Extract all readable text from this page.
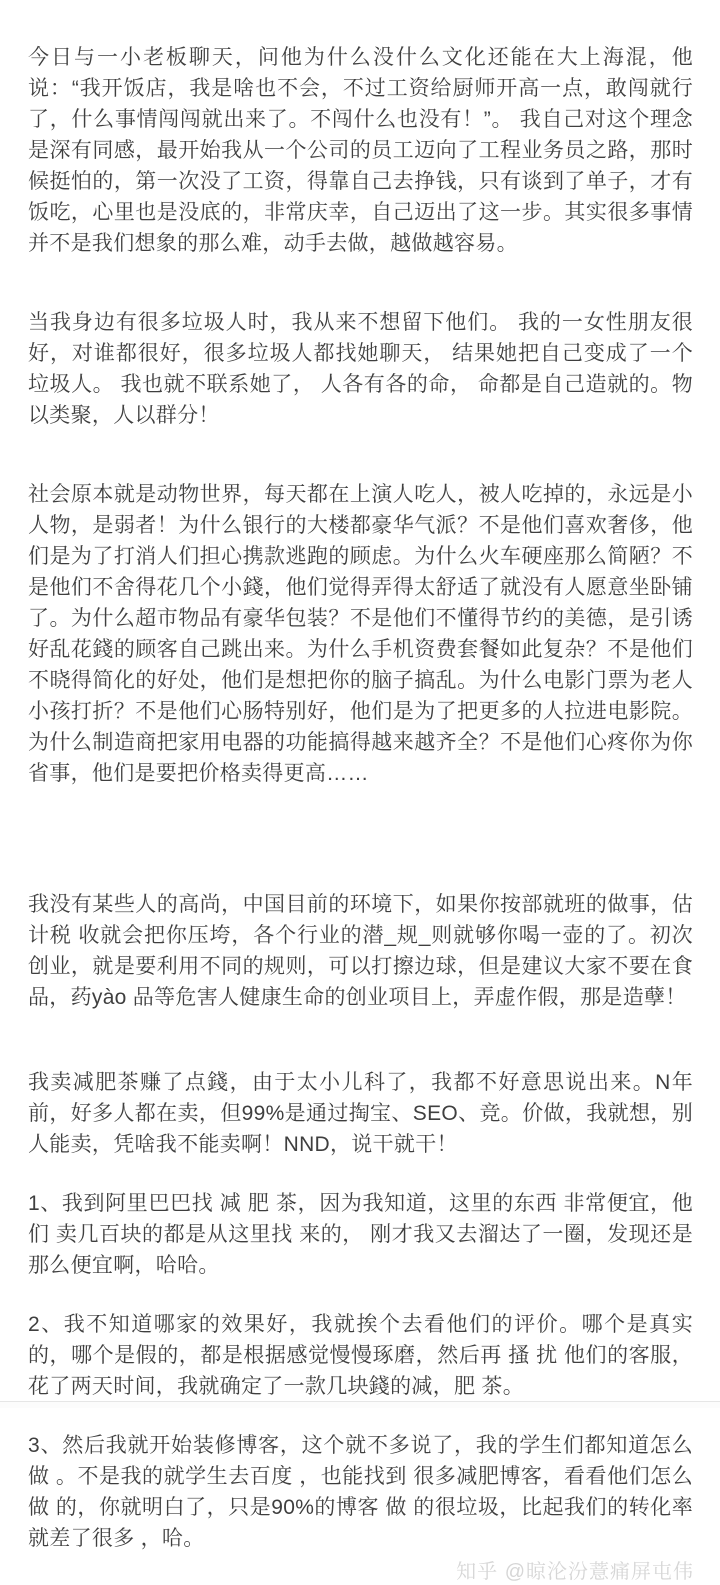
今日与一小老板聊天，问他为什么没什么文化还能在大上海混，他说：“我开饭店，我是啥也不会，不过工资给厨师开高一点，敢闯就行了，什么事情闯闯就出来了。不闯什么也没有！”。 我自己对这个理念是深有同感，最开始我从一个公司的员工迈向了工程业务员之路，那时候挺怕的，第一次没了工资，得靠自己去挣钱，只有谈到了单子，才有饭吃，心里也是没底的，非常庆幸，自己迈出了这一步。其实很多事情并不是我们想象的那么难，动手去做，越做越容易。

当我身边有很多垃圾人时，我从来不想留下他们。 我的一女性朋友很好，对谁都很好，很多垃圾人都找她聊天， 结果她把自己变成了一个垃圾人。 我也就不联系她了， 人各有各的命， 命都是自己造就的。物以类聚，人以群分！

社会原本就是动物世界，每天都在上演人吃人，被人吃掉的，永远是小人物，是弱者！为什么银行的大楼都豪华气派？不是他们喜欢奢侈，他们是为了打消人们担心携款逃跑的顾虑。为什么火车硬座那么简陋？不是他们不舍得花几个小錢，他们觉得弄得太舒适了就没有人愿意坐卧铺了。为什么超市物品有豪华包装？不是他们不懂得节约的美德，是引诱好乱花錢的顾客自己跳出来。为什么手机资费套餐如此复杂？不是他们不晓得简化的好处，他们是想把你的脑子搞乱。为什么电影门票为老人小孩打折？不是他们心肠特别好，他们是为了把更多的人拉进电影院。为什么制造商把家用电器的功能搞得越来越齐全？不是他们心疼你为你省事，他们是要把价格卖得更高……

我没有某些人的高尚，中国目前的环境下，如果你按部就班的做事，估计税 收就会把你压垮，各个行业的潜_规_则就够你喝一壶的了。初次创业，就是要利用不同的规则，可以打擦边球，但是建议大家不要在食品，药yào 品等危害人健康生命的创业项目上，弄虚作假，那是造孽！

我卖减肥茶赚了点錢，由于太小儿科了，我都不好意思说出来。N年前，好多人都在卖，但99%是通过掏宝、SEO、竞。价做，我就想，别人能卖，凭啥我不能卖啊！NND，说干就干！

1、我到阿里巴巴找 减 肥 茶，因为我知道，这里的东西 非常便宜，他们 卖几百块的都是从这里找 来的， 刚才我又去溜达了一圈，发现还是那么便宜啊，哈哈。

2、我不知道哪家的效果好，我就挨个去看他们的评价。哪个是真实的，哪个是假的，都是根据感觉慢慢琢磨，然后再 搔 扰 他们的客服，花了两天时间，我就确定了一款几块錢的减，肥 茶。

3、然后我就开始装修博客，这个就不多说了，我的学生们都知道怎么做 。不是我的就学生去百度 ，也能找到 很多减肥博客，看看他们怎么做 的，你就明白了，只是90%的博客 做 的很垃圾，比起我们的转化率就差了很多 ，哈。

知乎 @晾沦汾薏痛屏屯伟
